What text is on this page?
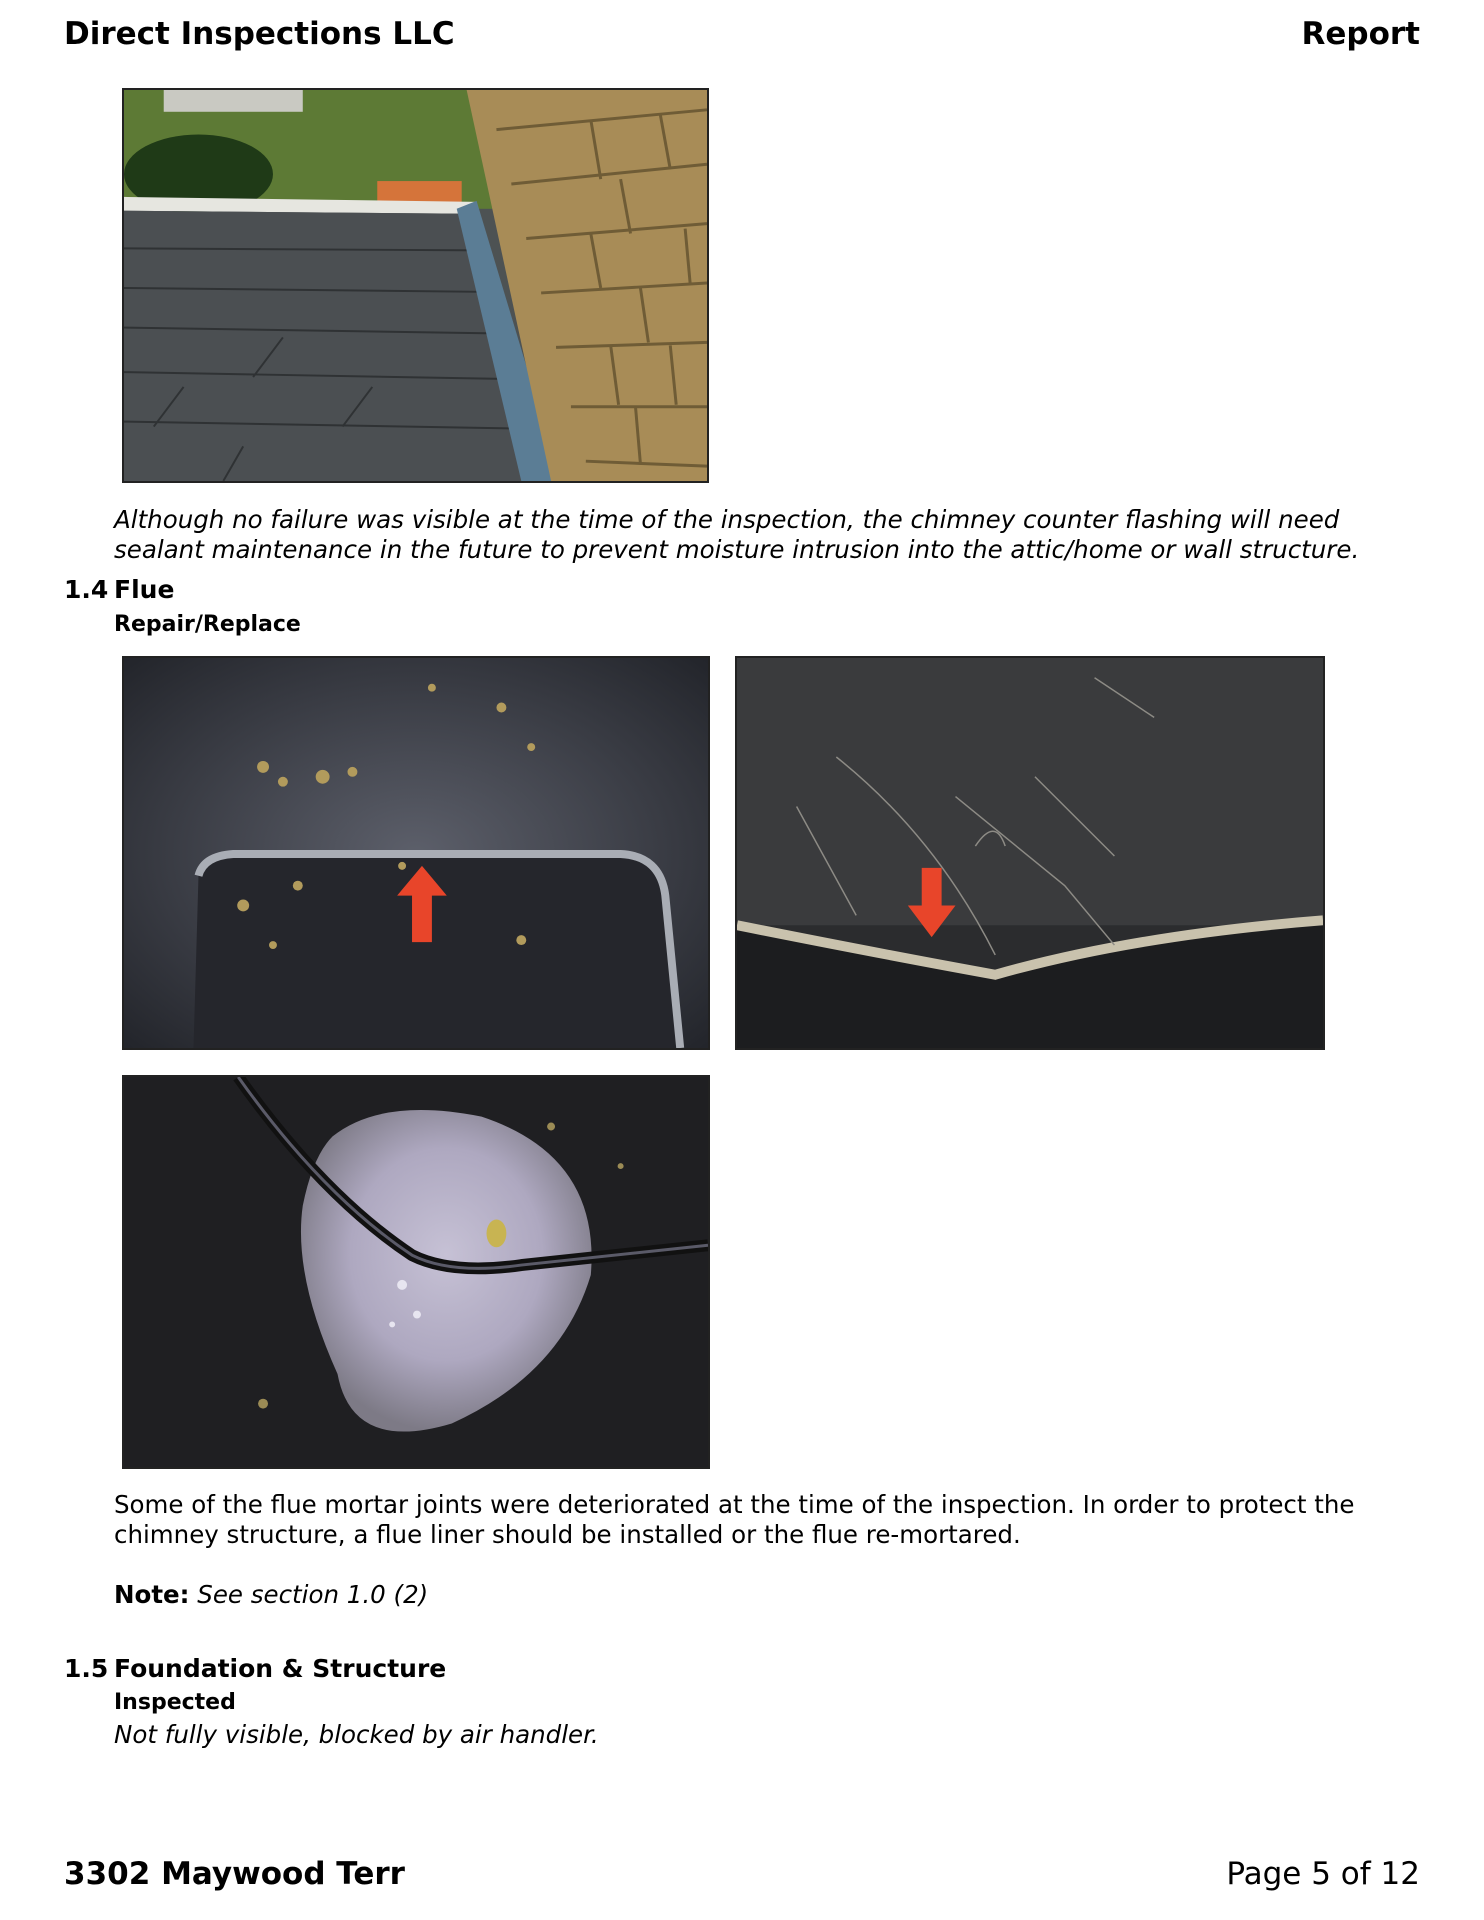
Direct Inspections LLC	Report
Although no failure was visible at the time of the inspection, the chimney counter flashing will need sealant maintenance in the future to prevent moisture intrusion into the attic/home or wall structure.
1.4 Flue
Repair/Replace
Some of the flue mortar joints were deteriorated at the time of the inspection. In order to protect the chimney structure, a flue liner should be installed or the flue re-mortared.
Note: See section 1.0 (2)
1.5 Foundation & Structure
Inspected
Not fully visible, blocked by air handler.
3302 Maywood Terr	Page 5 of 12
